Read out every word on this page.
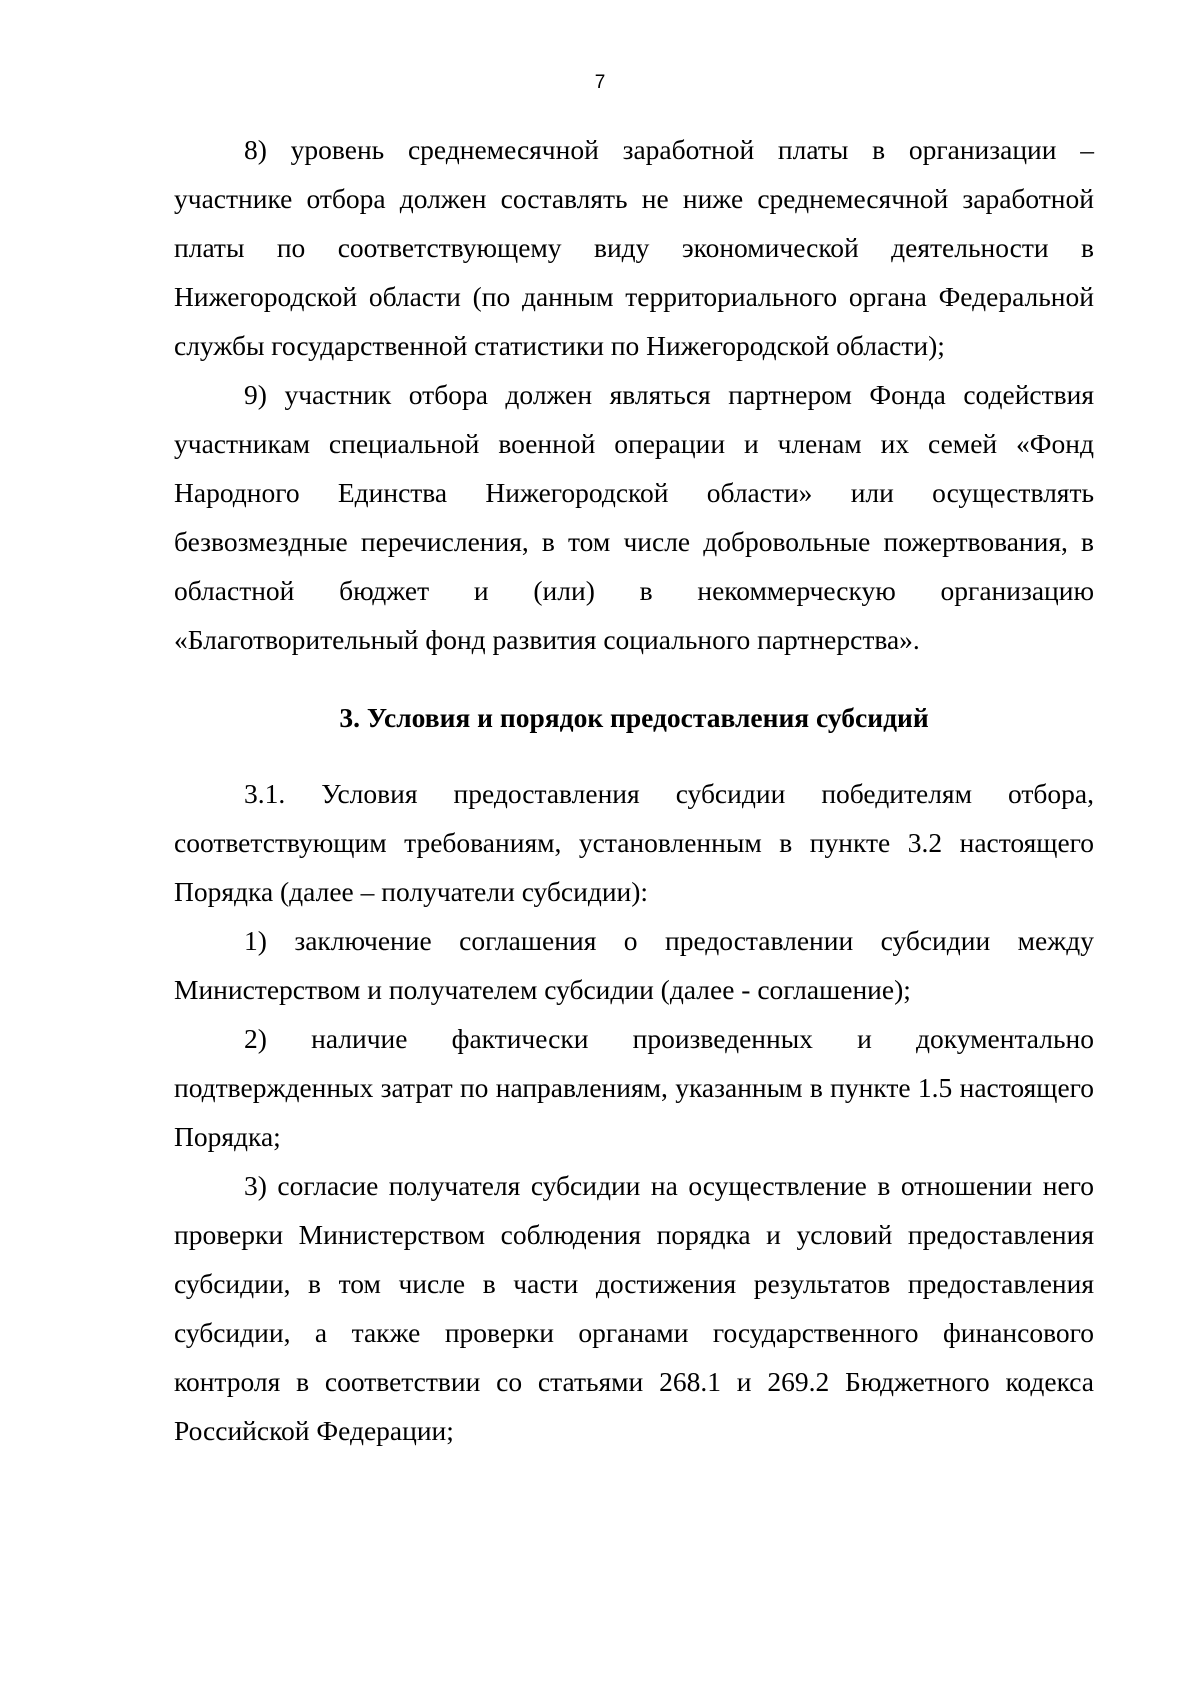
7

8) уровень среднемесячной заработной платы в организации – участнике отбора должен составлять не ниже среднемесячной заработной платы по соответствующему виду экономической деятельности в Нижегородской области (по данным территориального органа Федеральной службы государственной статистики по Нижегородской области);

9) участник отбора должен являться партнером Фонда содействия участникам специальной военной операции и членам их семей «Фонд Народного Единства Нижегородской области» или осуществлять безвозмездные перечисления, в том числе добровольные пожертвования, в областной бюджет и (или) в некоммерческую организацию «Благотворительный фонд развития социального партнерства».

3. Условия и порядок предоставления субсидий

3.1. Условия предоставления субсидии победителям отбора, соответствующим требованиям, установленным в пункте 3.2 настоящего Порядка (далее – получатели субсидии):

1) заключение соглашения о предоставлении субсидии между Министерством и получателем субсидии (далее - соглашение);

2) наличие фактически произведенных и документально подтвержденных затрат по направлениям, указанным в пункте 1.5 настоящего Порядка;

3) согласие получателя субсидии на осуществление в отношении него проверки Министерством соблюдения порядка и условий предоставления субсидии, в том числе в части достижения результатов предоставления субсидии, а также проверки органами государственного финансового контроля в соответствии со статьями 268.1 и 269.2 Бюджетного кодекса Российской Федерации;
